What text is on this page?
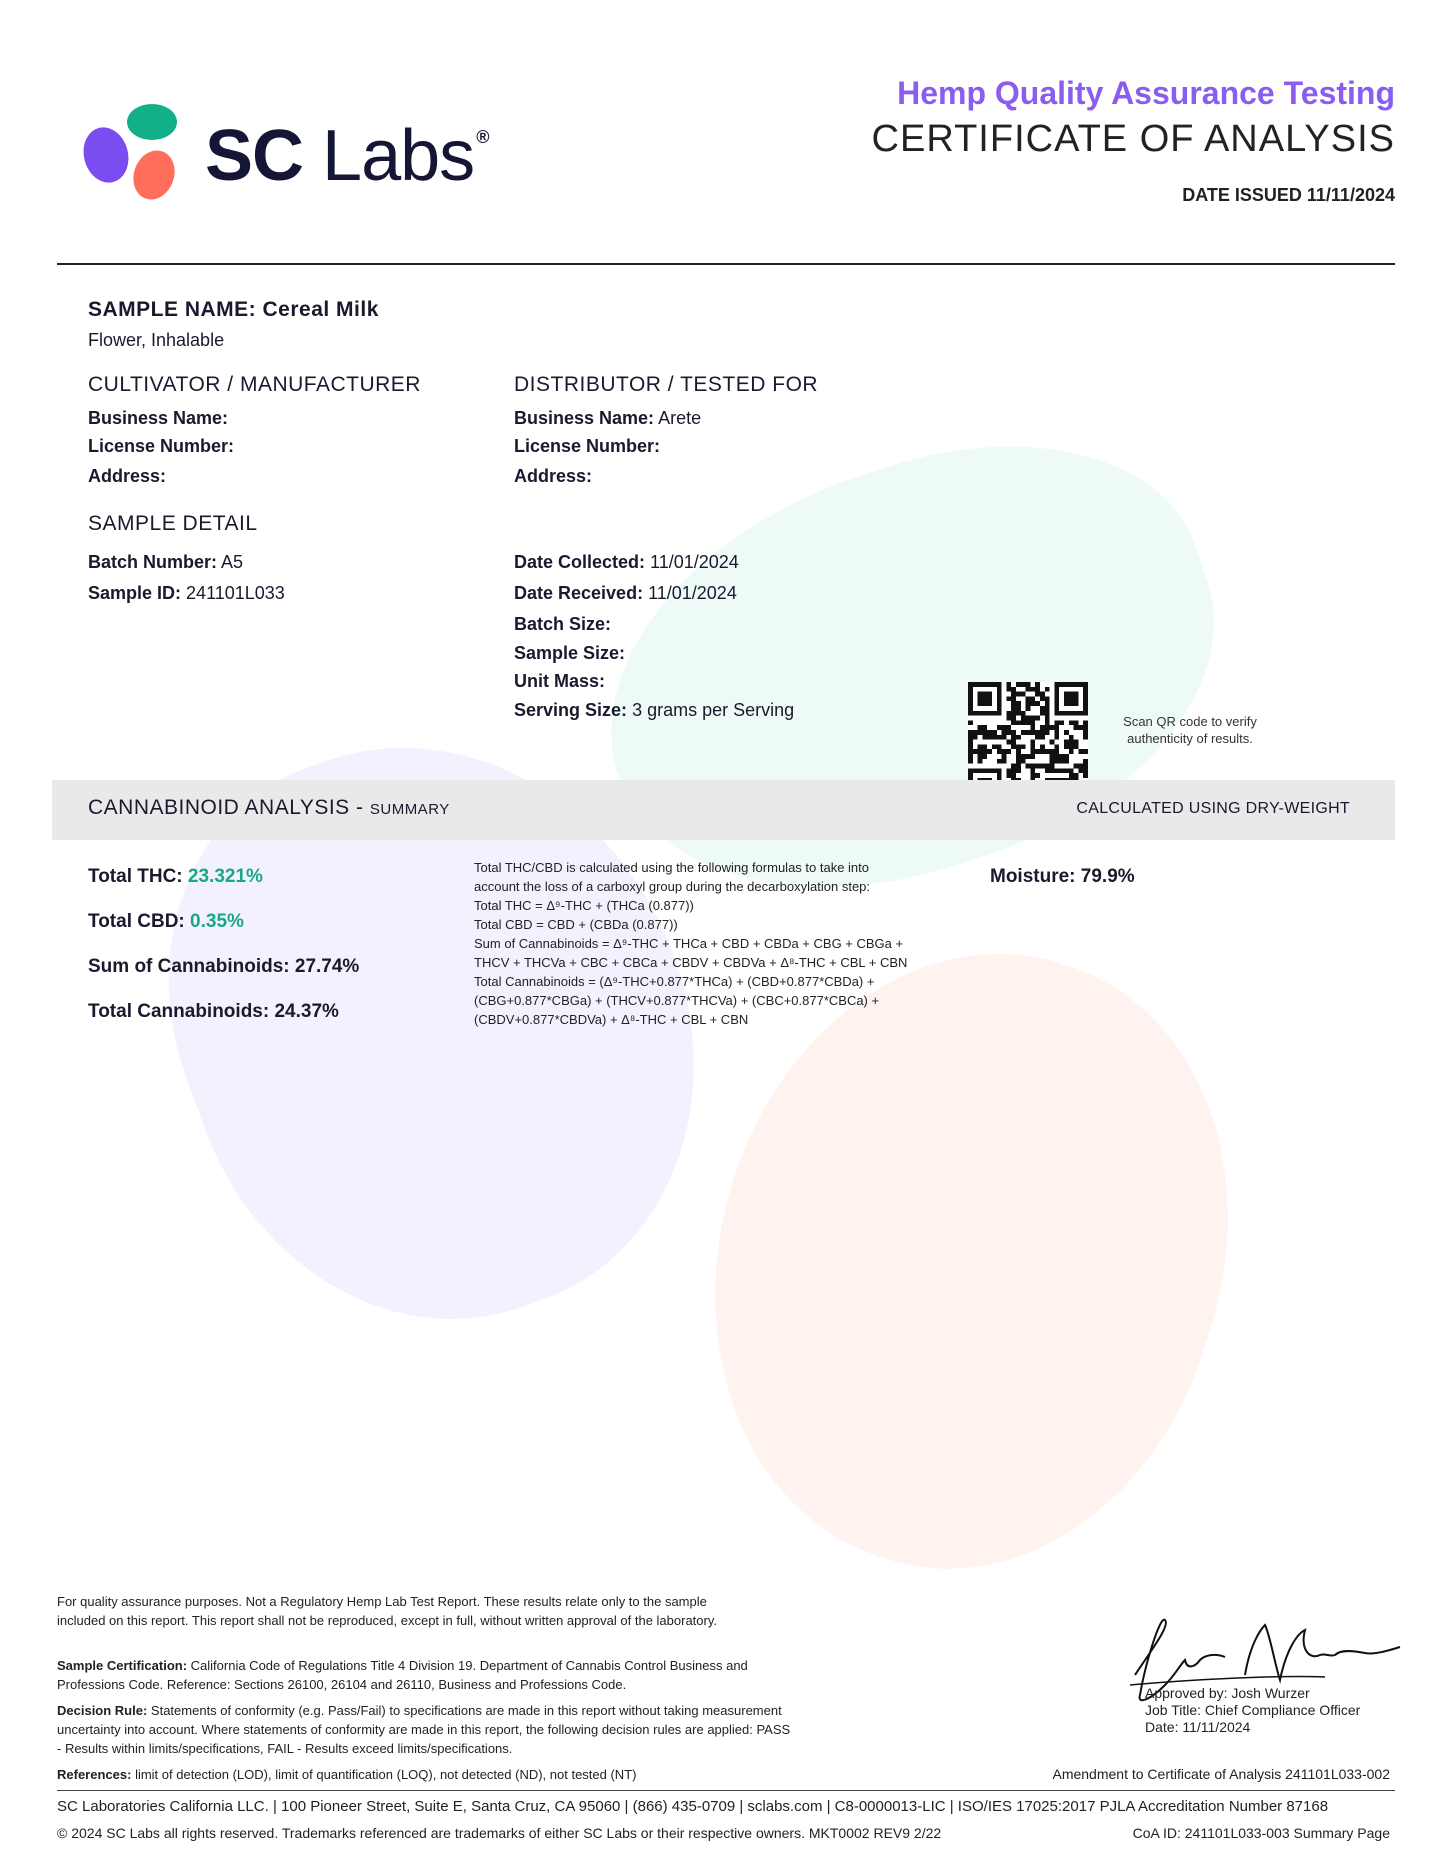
SC Labs ®
Hemp Quality Assurance Testing
CERTIFICATE OF ANALYSIS
DATE ISSUED 11/11/2024
SAMPLE NAME: Cereal Milk
Flower, Inhalable
CULTIVATOR / MANUFACTURER
Business Name:
License Number:
Address:
DISTRIBUTOR / TESTED FOR
Business Name: Arete
License Number:
Address:
SAMPLE DETAIL
Batch Number: A5
Sample ID: 241101L033
Date Collected: 11/01/2024
Date Received: 11/01/2024
Batch Size:
Sample Size:
Unit Mass:
Serving Size: 3 grams per Serving
Scan QR code to verify authenticity of results.
CANNABINOID ANALYSIS - SUMMARY	CALCULATED USING DRY-WEIGHT
Total THC: 23.321%
Total CBD: 0.35%
Sum of Cannabinoids: 27.74%
Total Cannabinoids: 24.37%
Total THC/CBD is calculated using the following formulas to take into
account the loss of a carboxyl group during the decarboxylation step:
Total THC = Δ⁹-THC + (THCa (0.877))
Total CBD = CBD + (CBDa (0.877))
Sum of Cannabinoids = Δ⁹-THC + THCa + CBD + CBDa + CBG + CBGa +
THCV + THCVa + CBC + CBCa + CBDV + CBDVa + Δ⁸-THC + CBL + CBN
Total Cannabinoids = (Δ⁹-THC+0.877*THCa) + (CBD+0.877*CBDa) +
(CBG+0.877*CBGa) + (THCV+0.877*THCVa) + (CBC+0.877*CBCa) +
(CBDV+0.877*CBDVa) + Δ⁸-THC + CBL + CBN
Moisture: 79.9%
For quality assurance purposes. Not a Regulatory Hemp Lab Test Report. These results relate only to the sample included on this report. This report shall not be reproduced, except in full, without written approval of the laboratory.
Sample Certification: California Code of Regulations Title 4 Division 19. Department of Cannabis Control Business and Professions Code. Reference: Sections 26100, 26104 and 26110, Business and Professions Code.
Decision Rule: Statements of conformity (e.g. Pass/Fail) to specifications are made in this report without taking measurement uncertainty into account. Where statements of conformity are made in this report, the following decision rules are applied: PASS - Results within limits/specifications, FAIL - Results exceed limits/specifications.
References: limit of detection (LOD), limit of quantification (LOQ), not detected (ND), not tested (NT)
Approved by: Josh Wurzer
Job Title: Chief Compliance Officer
Date: 11/11/2024
Amendment to Certificate of Analysis 241101L033-002
SC Laboratories California LLC. | 100 Pioneer Street, Suite E, Santa Cruz, CA 95060 | (866) 435-0709 | sclabs.com | C8-0000013-LIC | ISO/IES 17025:2017 PJLA Accreditation Number 87168
© 2024 SC Labs all rights reserved. Trademarks referenced are trademarks of either SC Labs or their respective owners. MKT0002 REV9 2/22	CoA ID: 241101L033-003 Summary Page
